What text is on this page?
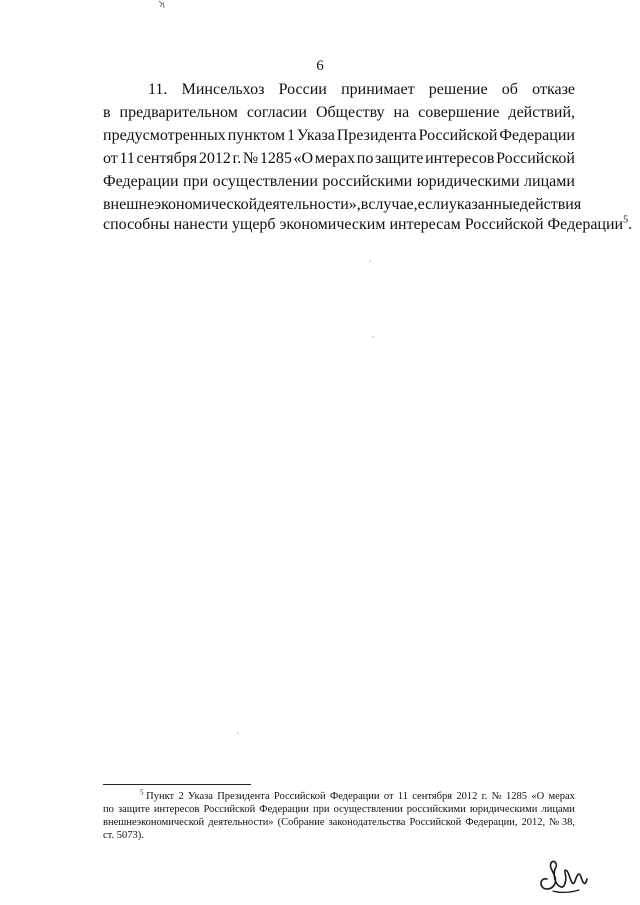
6
11. Минсельхоз России принимает решение об отказе
в предварительном согласии Обществу на совершение действий,
предусмотренных пунктом 1 Указа Президента Российской Федерации
от 11 сентября 2012 г. № 1285 «О мерах по защите интересов Российской
Федерации при осуществлении российскими юридическими лицами
внешнеэкономической деятельности», в случае, если указанные действия
способны нанести ущерб экономическим интересам Российской Федерации$^5$.
$^5$ Пункт 2 Указа Президента Российской Федерации от 11 сентября 2012 г. № 1285 «О мерах
по защите интересов Российской Федерации при осуществлении российскими юридическими лицами
внешнеэкономической деятельности» (Собрание законодательства Российской Федерации, 2012, № 38,
ст. 5073).
